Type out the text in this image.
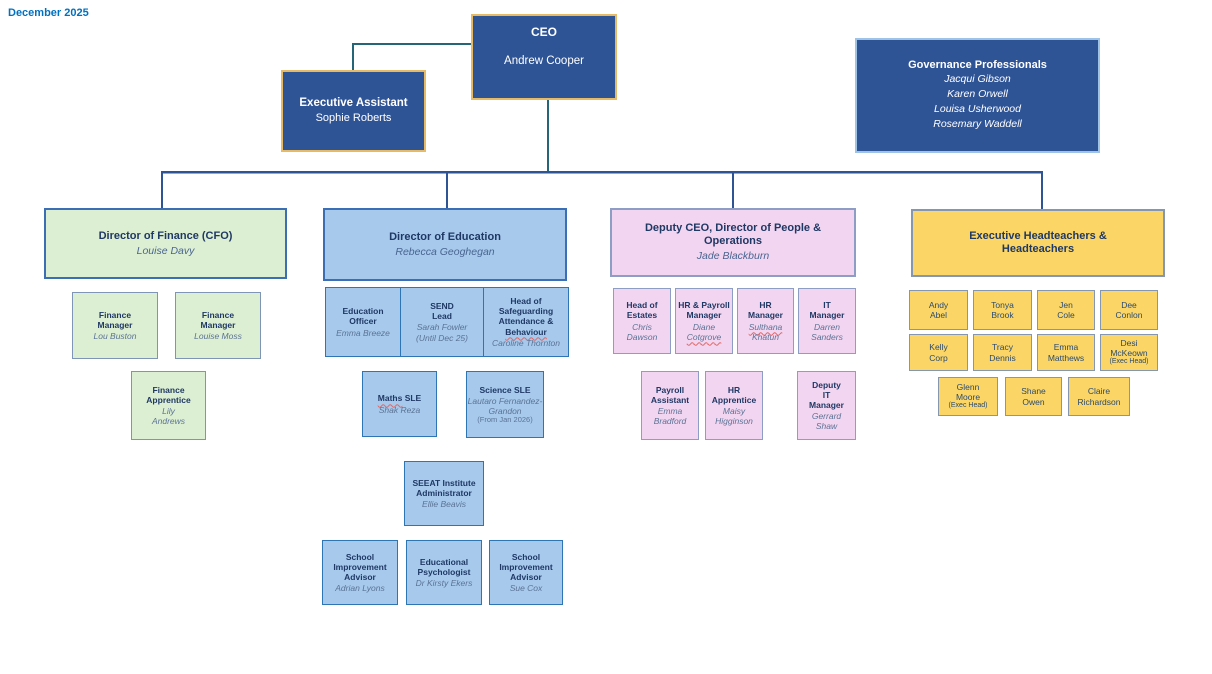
December 2025
CEO
Andrew Cooper
Executive Assistant
Sophie Roberts
Governance Professionals
Jacqui Gibson
Karen Orwell
Louisa Usherwood
Rosemary Waddell
Director of Finance (CFO)
Louise Davy
Director of Education
Rebecca Geoghegan
Deputy CEO, Director of People & Operations
Jade Blackburn
Executive Headteachers & Headteachers
Finance Manager
Lou Buston
Finance Manager
Louise Moss
Finance Apprentice
Lily Andrews
Education Officer
Emma Breeze
SEND Lead
Sarah Fowler
(Until Dec 25)
Head of Safeguarding Attendance & Behaviour
Caroline Thornton
Maths SLE
Shak Reza
Science SLE
Lautaro Fernandez-Grandon
(From Jan 2026)
SEEAT Institute Administrator
Ellie Beavis
School Improvement Advisor
Adrian Lyons
Educational Psychologist
Dr Kirsty Ekers
School Improvement Advisor
Sue Cox
Head of Estates
Chris Dawson
HR & Payroll Manager
Diane
Cotgrove
HR Manager
Sulthana
Khatun
IT Manager
Darren Sanders
Payroll Assistant
Emma Bradford
HR Apprentice
Maisy Higginson
Deputy IT Manager
Gerrard Shaw
Andy Abel
Tonya Brook
Jen Cole
Dee Conlon
Kelly Corp
Tracy Dennis
Emma Matthews
Desi McKeown
(Exec Head)
Glenn Moore
(Exec Head)
Shane Owen
Claire Richardson
